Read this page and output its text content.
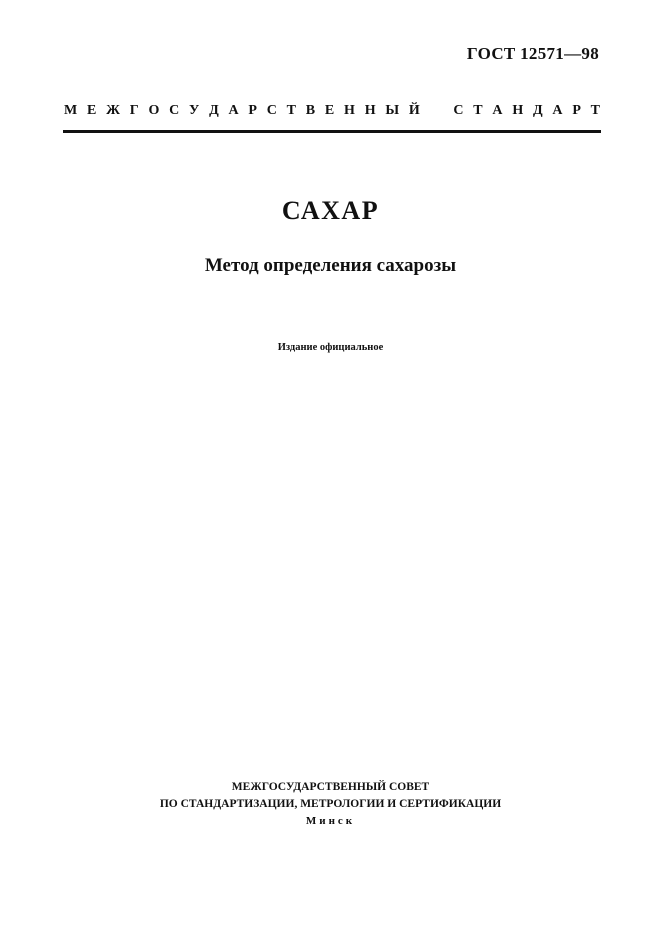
ГОСТ 12571—98
М Е Ж Г О С У Д А Р С Т В Е Н Н Ы Й С Т А Н Д А Р Т
САХАР
Метод определения сахарозы
Издание официальное
МЕЖГОСУДАРСТВЕННЫЙ СОВЕТ
ПО СТАНДАРТИЗАЦИИ, МЕТРОЛОГИИ И СЕРТИФИКАЦИИ
Минск
